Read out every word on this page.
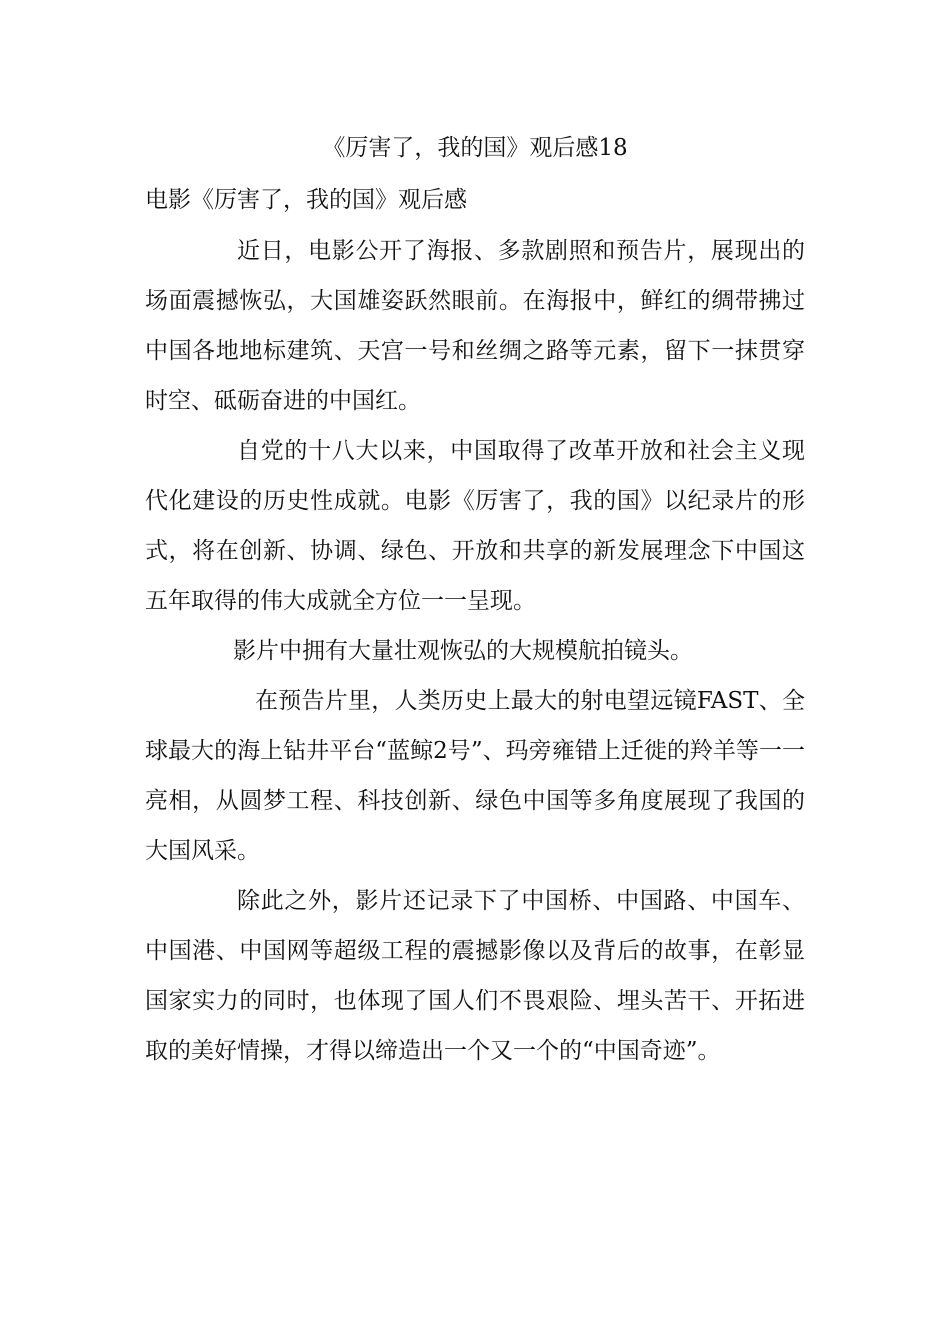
《厉害了，我的国》观后感18
电影《厉害了，我的国》观后感

近日，电影公开了海报、多款剧照和预告片，展现出的场面震撼恢弘，大国雄姿跃然眼前。在海报中，鲜红的绸带拂过中国各地地标建筑、天宫一号和丝绸之路等元素，留下一抹贯穿时空、砥砺奋进的中国红。

自党的十八大以来，中国取得了改革开放和社会主义现代化建设的历史性成就。电影《厉害了，我的国》以纪录片的形式，将在创新、协调、绿色、开放和共享的新发展理念下中国这五年取得的伟大成就全方位一一呈现。

影片中拥有大量壮观恢弘的大规模航拍镜头。

在预告片里，人类历史上最大的射电望远镜FAST、全球最大的海上钻井平台“蓝鲸2号”、玛旁雍错上迁徙的羚羊等一一亮相，从圆梦工程、科技创新、绿色中国等多角度展现了我国的大国风采。

除此之外，影片还记录下了中国桥、中国路、中国车、中国港、中国网等超级工程的震撼影像以及背后的故事，在彰显国家实力的同时，也体现了国人们不畏艰险、埋头苦干、开拓进取的美好情操，才得以缔造出一个又一个的“中国奇迹”。
